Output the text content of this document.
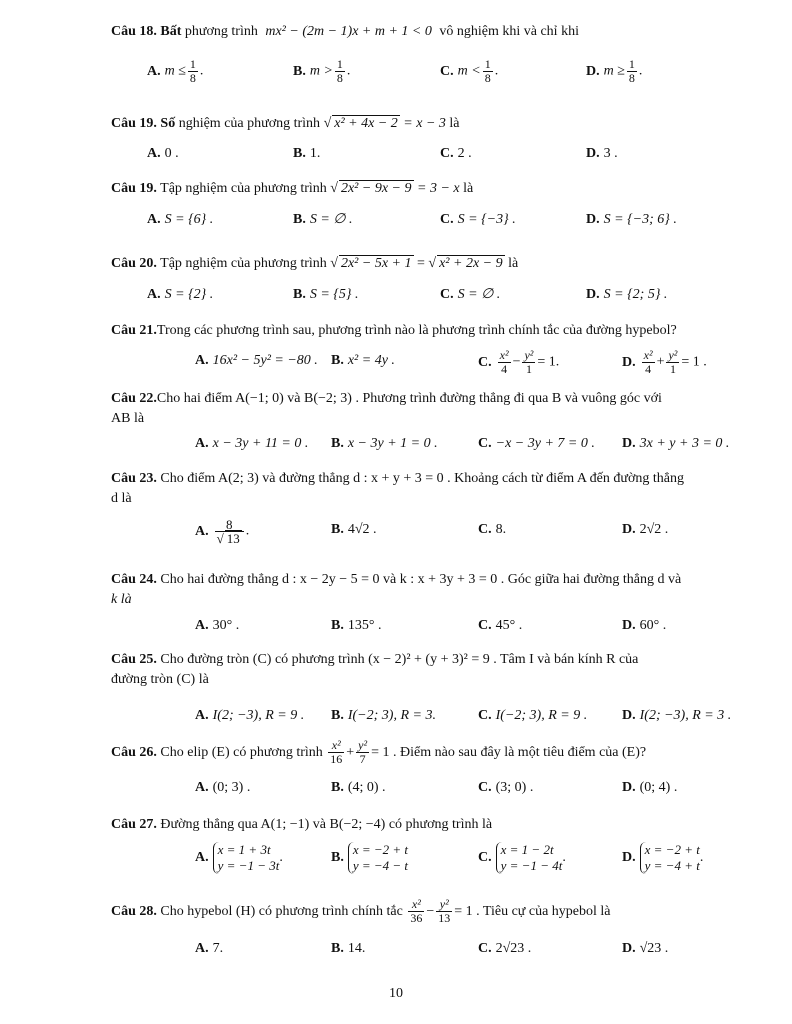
Câu 18. Bất phương trình mx² − (2m − 1)x + m + 1 < 0 vô nghiệm khi và chỉ khi
A. $m \le \frac{1}{8}$ .	B. $m > \frac{1}{8}$ .	C. $m < \frac{1}{8}$ .	D. $m \ge \frac{1}{8}$ .
Câu 19. Số nghiệm của phương trình √ x² + 4x − 2 = x − 3 là
A. 0 .	B. 1.	C. 2 .	D. 3 .
Câu 19. Tập nghiệm của phương trình √ 2x² − 9x − 9 = 3 − x là
A. S = {6} .	B. S = ∅ .	C. S = {−3} .	D. S = {−3; 6} .
Câu 20. Tập nghiệm của phương trình √ 2x² − 5x + 1 = √ x² + 2x − 9 là
A. S = {2} .	B. S = {5} .	C. S = ∅ .	D. S = {2; 5} .
Câu 21.Trong các phương trình sau, phương trình nào là phương trình chính tắc của đường hypebol?
A. 16x² − 5y² = −80 . B. x² = 4y .	C. $\frac{\text{x²}}{4} - \frac{\text{y²}}{1} = 1$.	D. $\frac{\text{x²}}{4} + \frac{\text{y²}}{1} = 1$ .
Câu 22.Cho hai điểm A(−1; 0) và B(−2; 3) . Phương trình đường thẳng đi qua B và vuông góc với
AB là
A. x − 3y + 11 = 0 . B. x − 3y + 1 = 0 .	C. −x − 3y + 7 = 0 . D. 3x + y + 3 = 0 .
Câu 23. Cho điểm A(2; 3) và đường thẳng d : x + y + 3 = 0 . Khoảng cách từ điểm A đến đường thẳng
d là
A. $\frac{8}{√ 13}$ .	B. 4√2 .	C. 8.	D. 2√2 .
Câu 24. Cho hai đường thẳng d : x − 2y − 5 = 0 và k : x + 3y + 3 = 0 . Góc giữa hai đường thẳng d và
k là
A. 30° .	B. 135° .	C. 45° .	D. 60° .
Câu 25. Cho đường tròn (C) có phương trình (x − 2)² + (y + 3)² = 9 . Tâm I và bán kính R của
đường tròn (C) là
A. I(2; −3), R = 9 . B. I(−2; 3), R = 3.	C. I(−2; 3), R = 9 . D. I(2; −3), R = 3 .
Câu 26. Cho elip (E) có phương trình $\frac{\text{x²}}{16} + \frac{\text{y²}}{7} = 1$ . Điểm nào sau đây là một tiêu điểm của (E)?
A. (0; 3) .	B. (4; 0) .	C. (3; 0) .	D. (0; 4) .
Câu 27. Đường thẳng qua A(1; −1) và B(−2; −4) có phương trình là
A.x = 1 + 3t
y = −1 − 3t.	B.x = −2 + t
y = −4 − t
C.x = 1 − 2t
y = −1 − 4t.	D.x = −2 + t
y = −4 + t.
Câu 28. Cho hypebol (H) có phương trình chính tắc $\frac{\text{x²}}{36} - \frac{\text{y²}}{13} = 1$ . Tiêu cự của hypebol là
A. 7.	B. 14.	C. 2√23 .	D. √23 .
10
